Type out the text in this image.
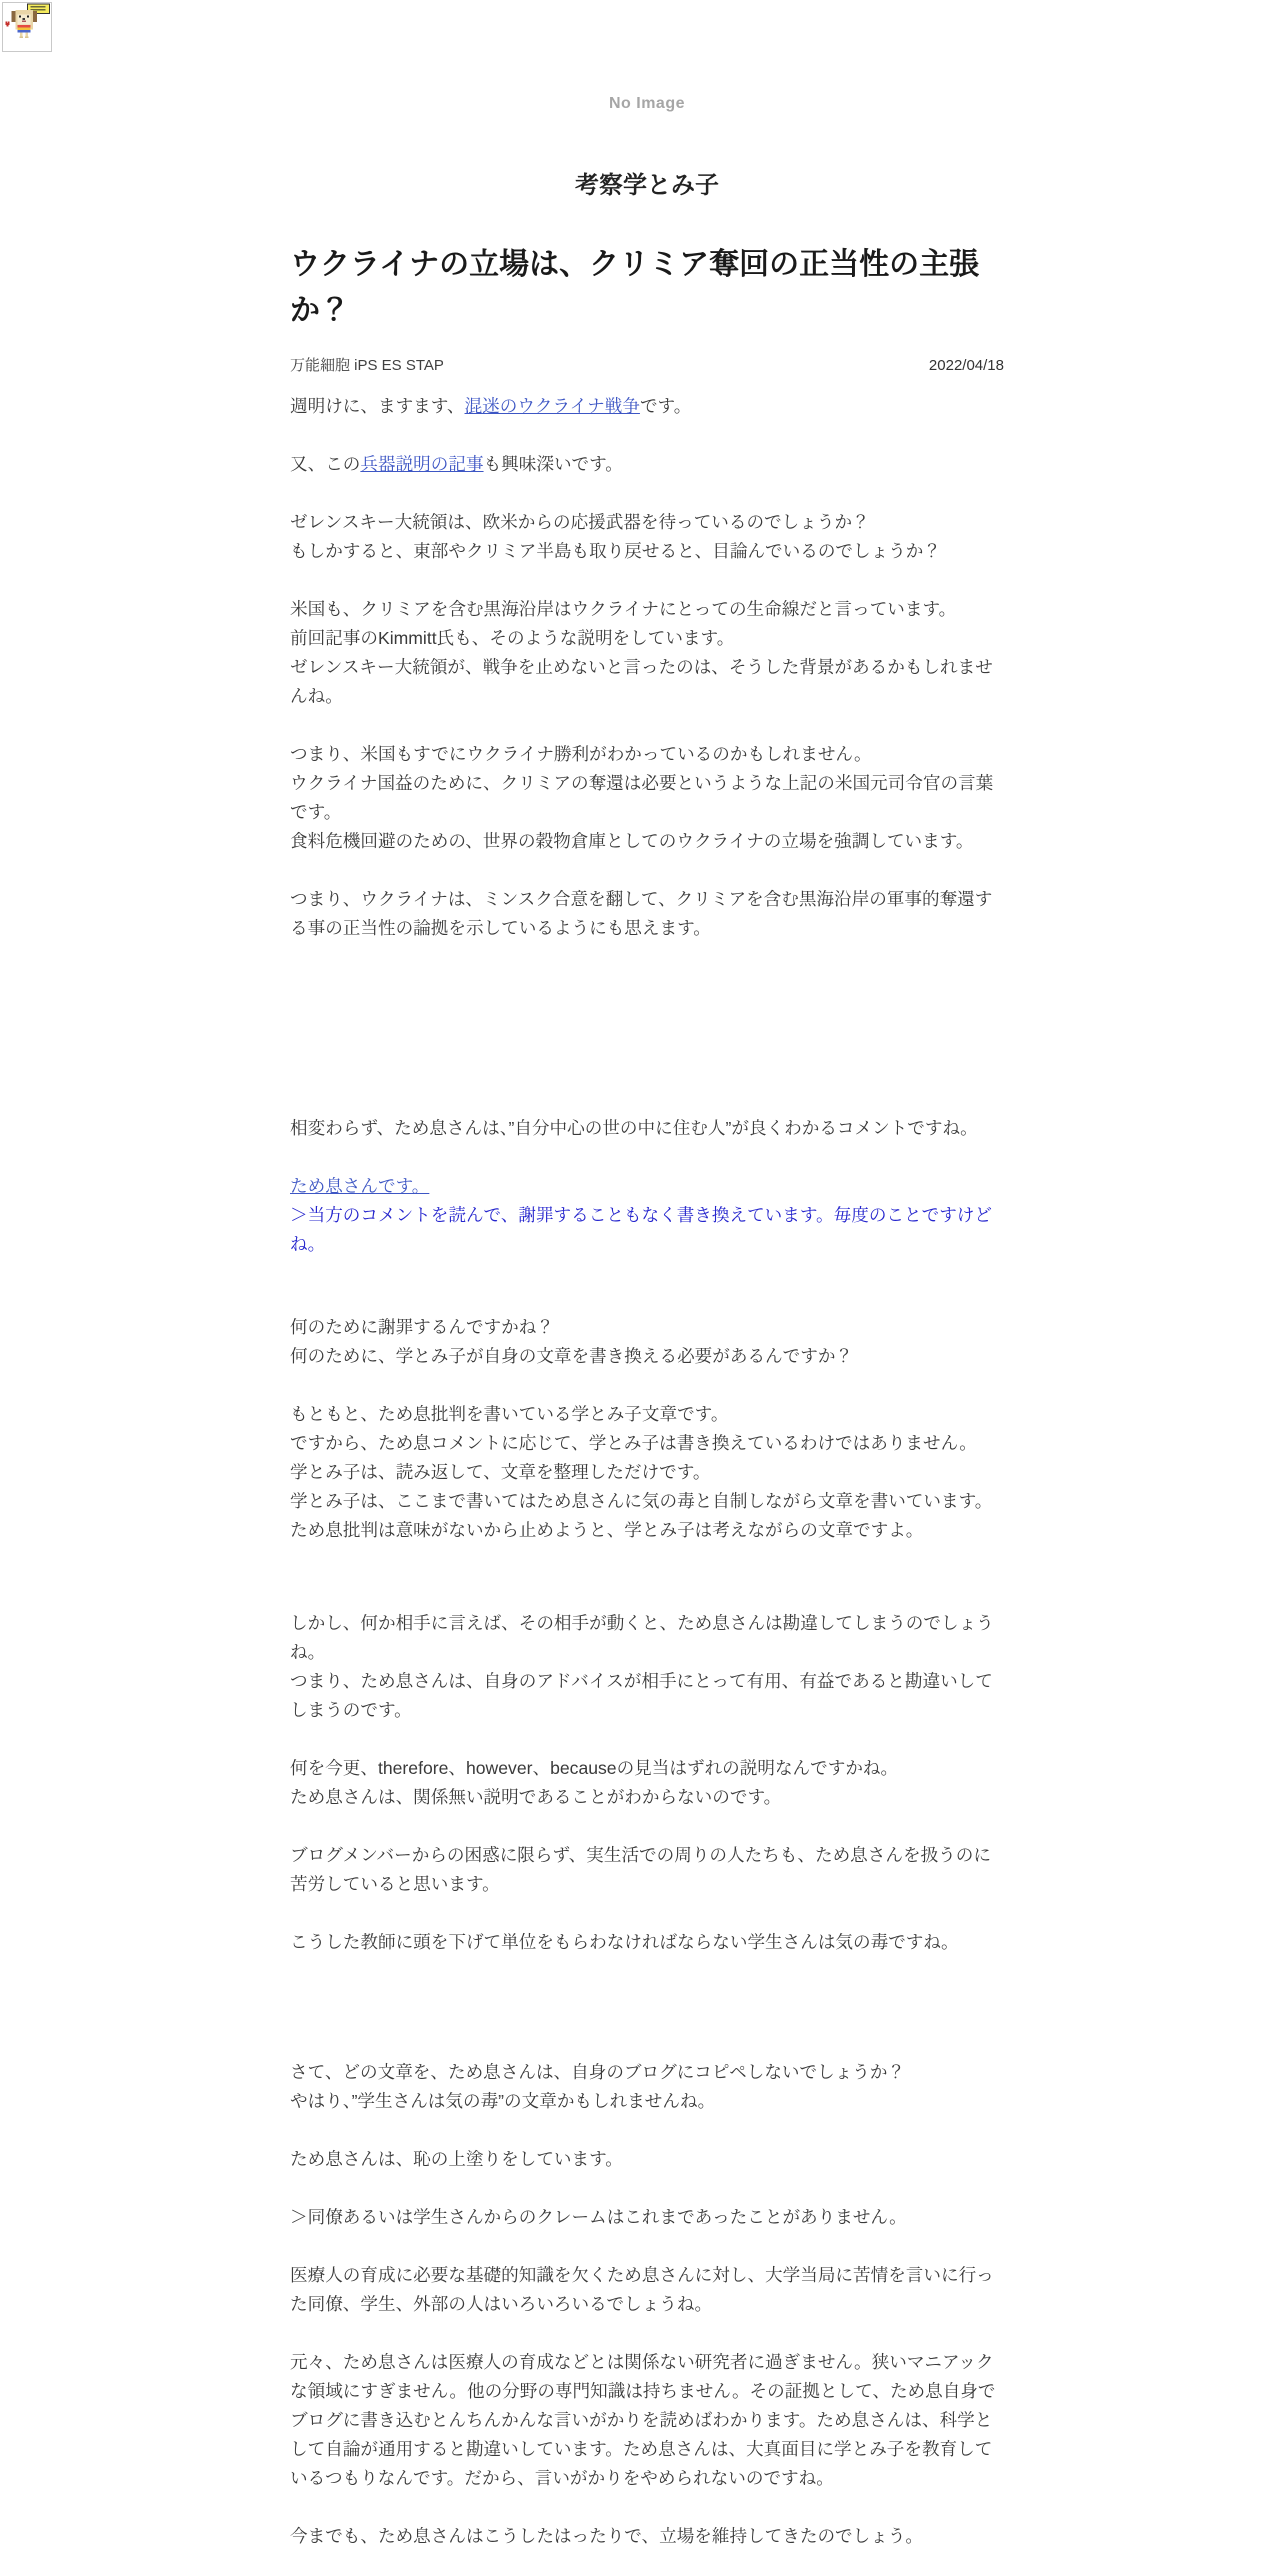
No Image
考察学とみ子
ウクライナの立場は、クリミア奪回の正当性の主張か？
万能細胞 iPS ES STAP	2022/04/18

週明けに、ますます、混迷のウクライナ戦争です。

又、この兵器説明の記事も興味深いです。

ゼレンスキー大統領は、欧米からの応援武器を待っているのでしょうか？
もしかすると、東部やクリミア半島も取り戻せると、目論んでいるのでしょうか？

米国も、クリミアを含む黒海沿岸はウクライナにとっての生命線だと言っています。
前回記事のKimmitt氏も、そのような説明をしています。
ゼレンスキー大統領が、戦争を止めないと言ったのは、そうした背景があるかもしれませんね。

つまり、米国もすでにウクライナ勝利がわかっているのかもしれません。
ウクライナ国益のために、クリミアの奪還は必要というような上記の米国元司令官の言葉です。
食料危機回避のための、世界の穀物倉庫としてのウクライナの立場を強調しています。

つまり、ウクライナは、ミンスク合意を翻して、クリミアを含む黒海沿岸の軍事的奪還する事の正当性の論拠を示しているようにも思えます。

相変わらず、ため息さんは、”自分中心の世の中に住む人”が良くわかるコメントですね。

ため息さんです。

＞当方のコメントを読んで、謝罪することもなく書き換えています。毎度のことですけどね。

何のために謝罪するんですかね？
何のために、学とみ子が自身の文章を書き換える必要があるんですか？

もともと、ため息批判を書いている学とみ子文章です。
ですから、ため息コメントに応じて、学とみ子は書き換えているわけではありません。
学とみ子は、読み返して、文章を整理しただけです。
学とみ子は、ここまで書いてはため息さんに気の毒と自制しながら文章を書いています。
ため息批判は意味がないから止めようと、学とみ子は考えながらの文章ですよ。

しかし、何か相手に言えば、その相手が動くと、ため息さんは勘違してしまうのでしょうね。
つまり、ため息さんは、自身のアドバイスが相手にとって有用、有益であると勘違いしてしまうのです。

何を今更、therefore、however、becauseの見当はずれの説明なんですかね。
ため息さんは、関係無い説明であることがわからないのです。

ブログメンバーからの困惑に限らず、実生活での周りの人たちも、ため息さんを扱うのに苦労していると思います。

こうした教師に頭を下げて単位をもらわなければならない学生さんは気の毒ですね。

さて、どの文章を、ため息さんは、自身のブログにコピペしないでしょうか？
やはり、”学生さんは気の毒”の文章かもしれませんね。

ため息さんは、恥の上塗りをしています。

＞同僚あるいは学生さんからのクレームはこれまであったことがありません。

医療人の育成に必要な基礎的知識を欠くため息さんに対し、大学当局に苦情を言いに行った同僚、学生、外部の人はいろいろいるでしょうね。

元々、ため息さんは医療人の育成などとは関係ない研究者に過ぎません。狭いマニアックな領域にすぎません。他の分野の専門知識は持ちません。その証拠として、ため息自身でブログに書き込むとんちんかんな言いがかりを読めばわかります。ため息さんは、科学として自論が通用すると勘違いしています。ため息さんは、大真面目に学とみ子を教育しているつもりなんです。だから、言いがかりをやめられないのですね。

今までも、ため息さんはこうしたはったりで、立場を維持してきたのでしょう。
